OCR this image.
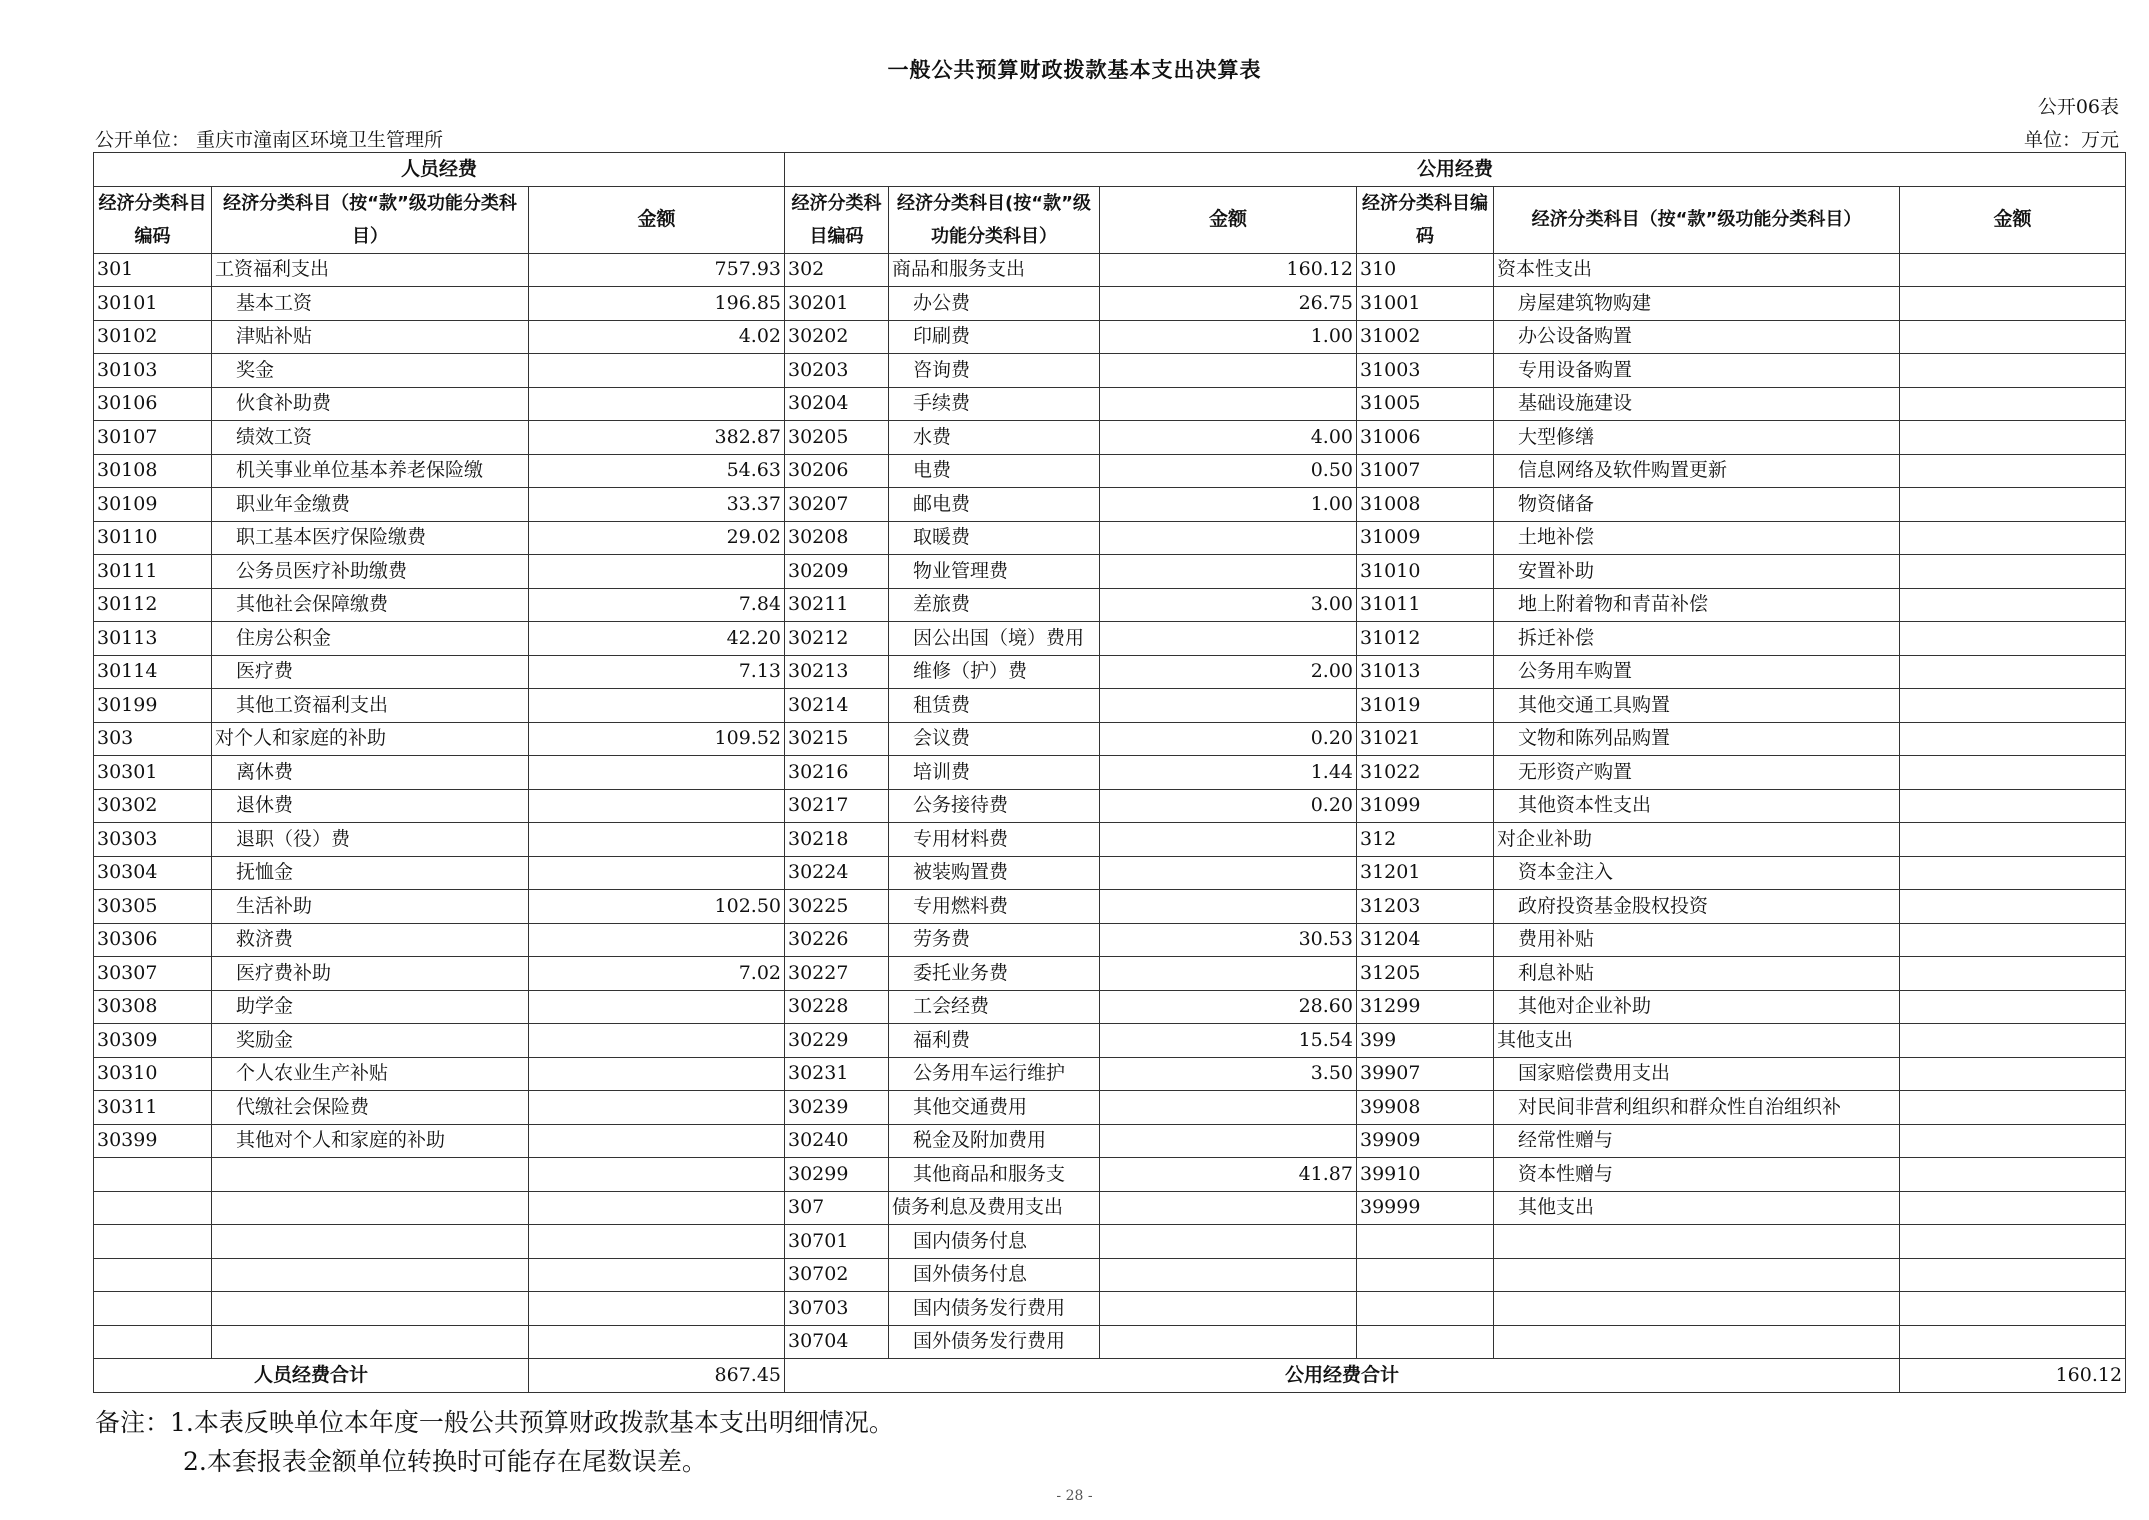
一般公共预算财政拨款基本支出决算表
公开06表
公开单位： 重庆市潼南区环境卫生管理所	单位：万元
人员经费			公用经费					
经济分类科目编码	经济分类科目（按“款”级功能分类科目）	金额	经济分类科目编码	经济分类科目(按“款”级功能分类科目）	金额	经济分类科目编码	经济分类科目（按“款”级功能分类科目）	金额
301	工资福利支出	757.93	302	商品和服务支出	160.12	310	资本性支出	
30101	基本工资	196.85	30201	办公费	26.75	31001	房屋建筑物购建	
30102	津贴补贴	4.02	30202	印刷费	1.00	31002	办公设备购置	
30103	奖金		30203	咨询费		31003	专用设备购置	
30106	伙食补助费		30204	手续费		31005	基础设施建设	
30107	绩效工资	382.87	30205	水费	4.00	31006	大型修缮	
30108	机关事业单位基本养老保险缴	54.63	30206	电费	0.50	31007	信息网络及软件购置更新	
30109	职业年金缴费	33.37	30207	邮电费	1.00	31008	物资储备	
30110	职工基本医疗保险缴费	29.02	30208	取暖费		31009	土地补偿	
30111	公务员医疗补助缴费		30209	物业管理费		31010	安置补助	
30112	其他社会保障缴费	7.84	30211	差旅费	3.00	31011	地上附着物和青苗补偿	
30113	住房公积金	42.20	30212	因公出国（境）费用		31012	拆迁补偿	
30114	医疗费	7.13	30213	维修（护）费	2.00	31013	公务用车购置	
30199	其他工资福利支出		30214	租赁费		31019	其他交通工具购置	
303	对个人和家庭的补助	109.52	30215	会议费	0.20	31021	文物和陈列品购置	
30301	离休费		30216	培训费	1.44	31022	无形资产购置	
30302	退休费		30217	公务接待费	0.20	31099	其他资本性支出	
30303	退职（役）费		30218	专用材料费		312	对企业补助	
30304	抚恤金		30224	被装购置费		31201	资本金注入	
30305	生活补助	102.50	30225	专用燃料费		31203	政府投资基金股权投资	
30306	救济费		30226	劳务费	30.53	31204	费用补贴	
30307	医疗费补助	7.02	30227	委托业务费		31205	利息补贴	
30308	助学金		30228	工会经费	28.60	31299	其他对企业补助	
30309	奖励金		30229	福利费	15.54	399	其他支出	
30310	个人农业生产补贴		30231	公务用车运行维护	3.50	39907	国家赔偿费用支出	
30311	代缴社会保险费		30239	其他交通费用		39908	对民间非营利组织和群众性自治组织补	
30399	其他对个人和家庭的补助		30240	税金及附加费用		39909	经常性赠与	
			30299	其他商品和服务支	41.87	39910	资本性赠与	
			307	债务利息及费用支出		39999	其他支出	
			30701	国内债务付息				
			30702	国外债务付息				
			30703	国内债务发行费用				
			30704	国外债务发行费用				
人员经费合计		867.45	公用经费合计					160.12
备注：1.本表反映单位本年度一般公共预算财政拨款基本支出明细情况。
2.本套报表金额单位转换时可能存在尾数误差。
- 28 -
